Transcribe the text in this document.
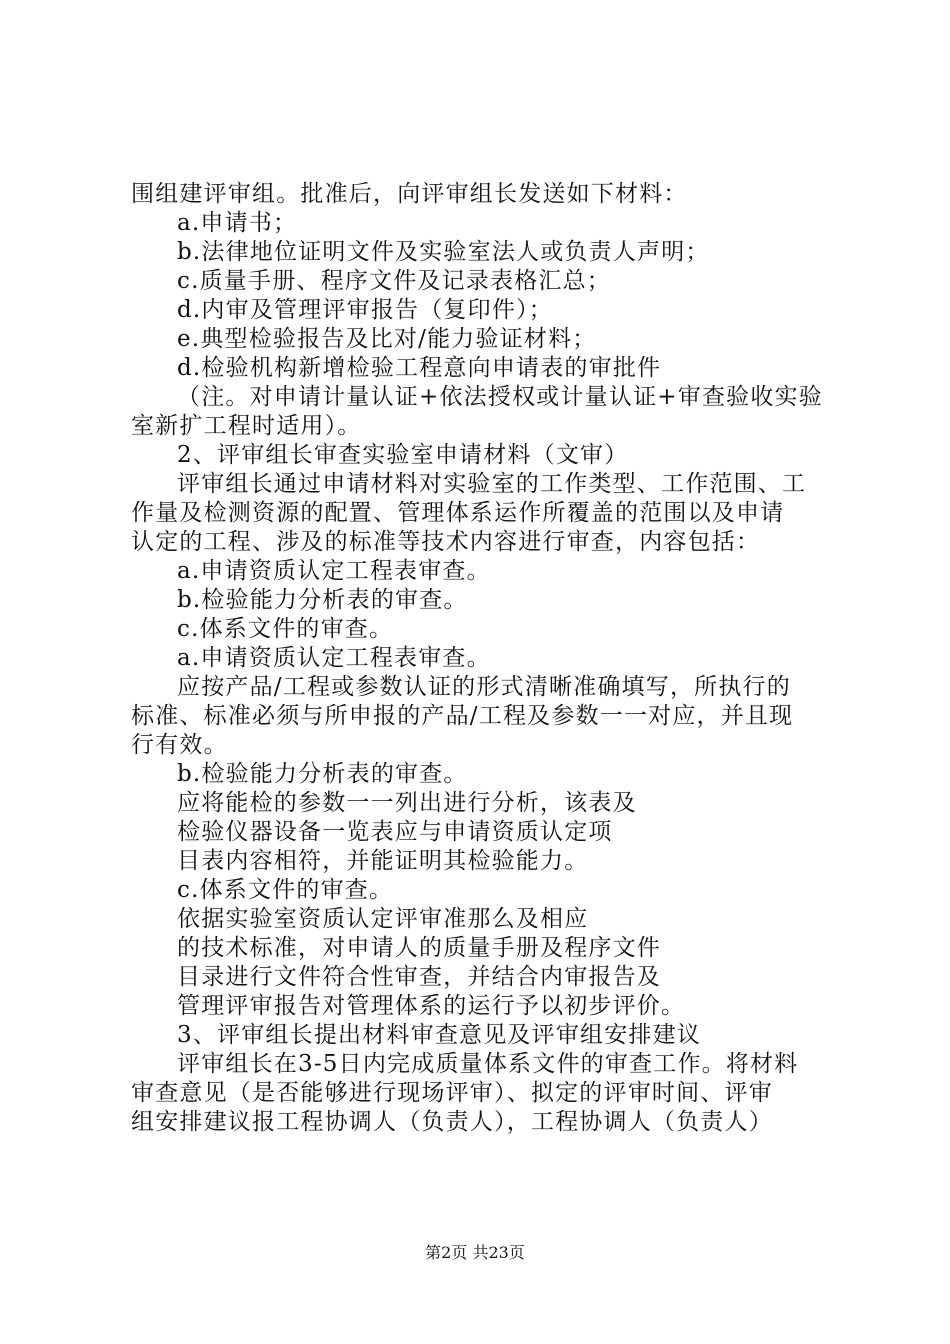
围组建评审组。批准后，向评审组长发送如下材料：
a.申请书；
b.法律地位证明文件及实验室法人或负责人声明；
c.质量手册、程序文件及记录表格汇总；
d.内审及管理评审报告（复印件）；
e.典型检验报告及比对/能力验证材料；
d.检验机构新增检验工程意向申请表的审批件
（注。对申请计量认证+依法授权或计量认证+审查验收实验
室新扩工程时适用）。
2、评审组长审查实验室申请材料（文审）
评审组长通过申请材料对实验室的工作类型、工作范围、工
作量及检测资源的配置、管理体系运作所覆盖的范围以及申请
认定的工程、涉及的标准等技术内容进行审查，内容包括：
a.申请资质认定工程表审查。
b.检验能力分析表的审查。
c.体系文件的审查。
a.申请资质认定工程表审查。
应按产品/工程或参数认证的形式清晰准确填写，所执行的
标准、标准必须与所申报的产品/工程及参数一一对应，并且现
行有效。
b.检验能力分析表的审查。
应将能检的参数一一列出进行分析，该表及
检验仪器设备一览表应与申请资质认定项
目表内容相符，并能证明其检验能力。
c.体系文件的审查。
依据实验室资质认定评审准那么及相应
的技术标准，对申请人的质量手册及程序文件
目录进行文件符合性审查，并结合内审报告及
管理评审报告对管理体系的运行予以初步评价。
3、评审组长提出材料审查意见及评审组安排建议
评审组长在3-5日内完成质量体系文件的审查工作。将材料
审查意见（是否能够进行现场评审）、拟定的评审时间、评审
组安排建议报工程协调人（负责人），工程协调人（负责人）
第2页 共23页
